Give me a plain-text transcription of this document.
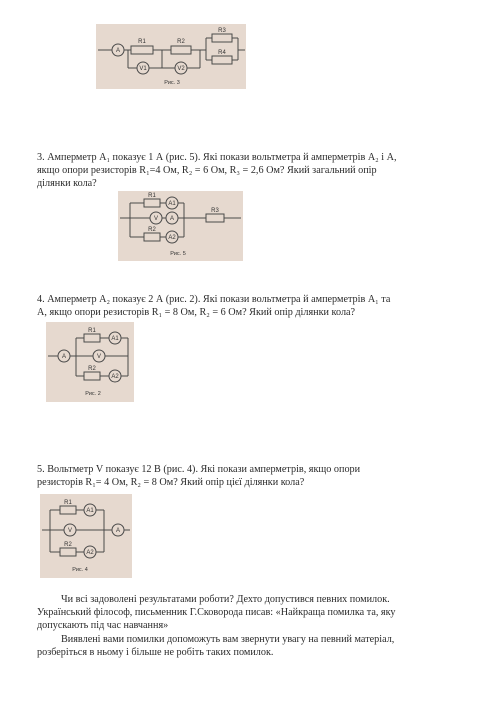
A
R1	R2
R3
R4
V1	V2
Рис. 3

3. Амперметр А₁ показує 1 А (рис. 5). Які покази вольтметра й амперметрів А₂ і А,
якщо опори резисторів R₁=4 Ом, R₂ = 6 Ом, R₃ = 2,6 Ом? Який загальний опір
ділянки кола?

R1
A1
V A
R2
A2
R3
Рис. 5

4. Амперметр А₂ показує 2 А (рис. 2). Які покази вольтметра й амперметрів А₁ та
А, якщо опори резисторів R₁ = 8 Ом, R₂ = 6 Ом? Який опір ділянки кола?

R1
A1
A	V
R2
A2
Рис. 2

5. Вольтметр V показує 12 В (рис. 4). Які покази амперметрів, якщо опори
резисторів R₁= 4 Ом, R₂ = 8 Ом? Який опір цієї ділянки кола?

R1
A1
V	A
R2
A2
Рис. 4

Чи всі задоволені результатами роботи? Дехто допустився певних помилок.
Український філософ, письменник Г.Сковорода писав: «Найкраща помилка та, яку
допускають під час навчання»

Виявлені вами помилки допоможуть вам звернути увагу на певний матеріал,
розберіться в ньому і більше не робіть таких помилок.
